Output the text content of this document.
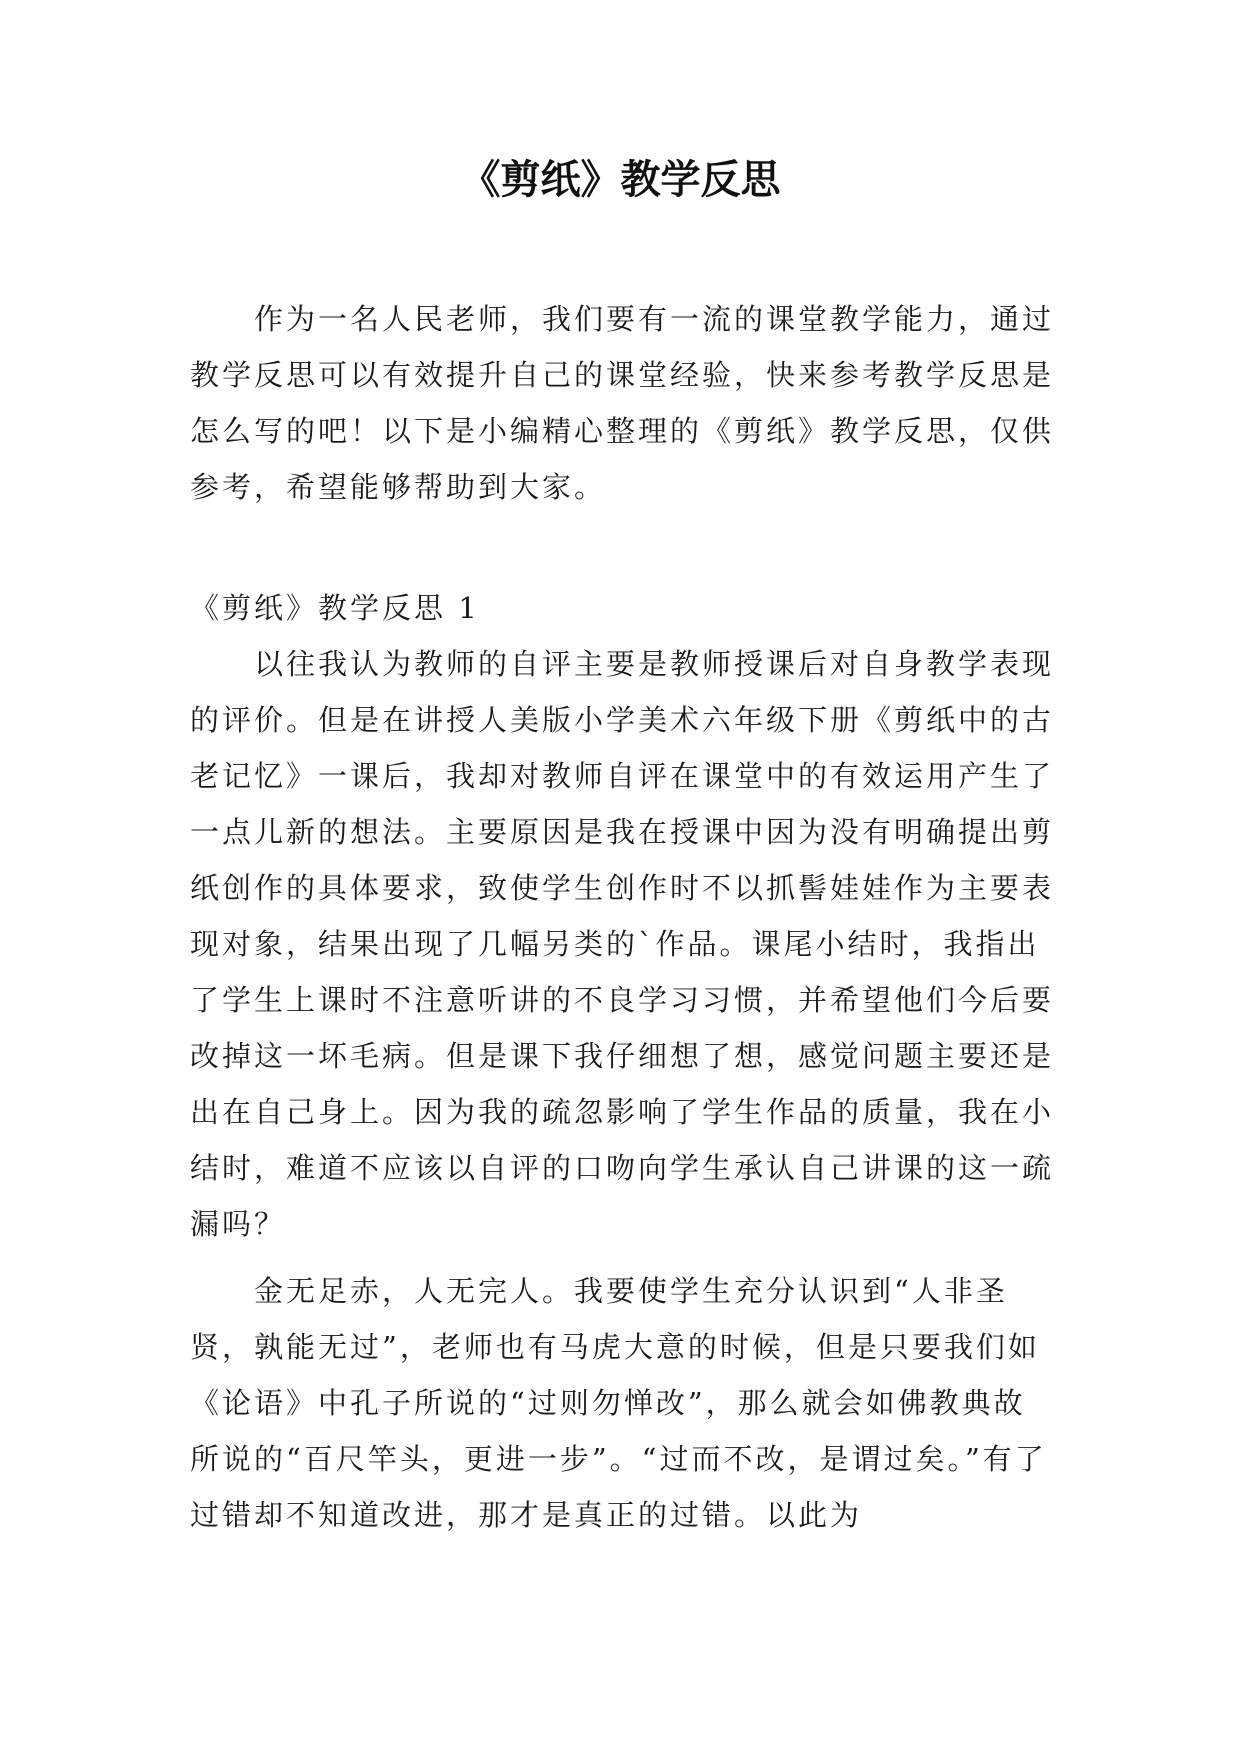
《剪纸》教学反思

作为一名人民老师，我们要有一流的课堂教学能力，通过教学反思可以有效提升自己的课堂经验，快来参考教学反思是怎么写的吧！以下是小编精心整理的《剪纸》教学反思，仅供参考，希望能够帮助到大家。

《剪纸》教学反思 1

以往我认为教师的自评主要是教师授课后对自身教学表现的评价。但是在讲授人美版小学美术六年级下册《剪纸中的古老记忆》一课后，我却对教师自评在课堂中的有效运用产生了一点儿新的想法。主要原因是我在授课中因为没有明确提出剪纸创作的具体要求，致使学生创作时不以抓髻娃娃作为主要表现对象，结果出现了几幅另类的`作品。课尾小结时，我指出了学生上课时不注意听讲的不良学习习惯，并希望他们今后要改掉这一坏毛病。但是课下我仔细想了想，感觉问题主要还是出在自己身上。因为我的疏忽影响了学生作品的质量，我在小结时，难道不应该以自评的口吻向学生承认自己讲课的这一疏漏吗？

金无足赤，人无完人。我要使学生充分认识到“人非圣贤，孰能无过”，老师也有马虎大意的时候，但是只要我们如《论语》中孔子所说的“过则勿惮改”，那么就会如佛教典故所说的“百尺竿头，更进一步”。“过而不改，是谓过矣。”有了过错却不知道改进，那才是真正的过错。以此为
